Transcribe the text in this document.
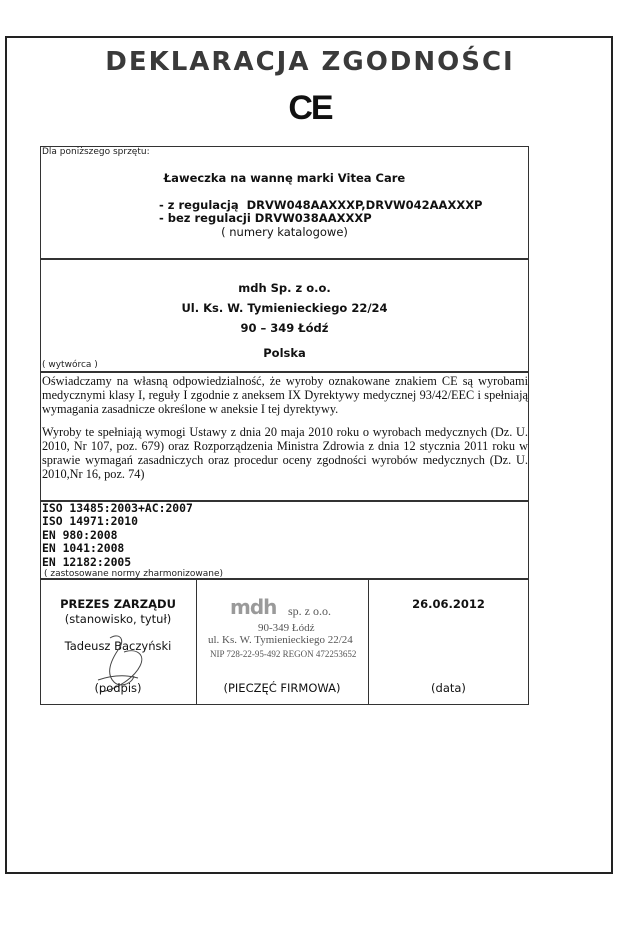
DEKLARACJA ZGODNOŚCI
CE
Dla poniższego sprzętu:
Ławeczka na wannę marki Vitea Care
- z regulacją  DRVW048AAXXXP,DRVW042AAXXXP
- bez regulacji DRVW038AAXXXP
( numery katalogowe)
mdh Sp. z o.o.
Ul. Ks. W. Tymienieckiego 22/24
90 – 349 Łódź
Polska
( wytwórca )
Oświadczamy na własną odpowiedzialność, że wyroby oznakowane znakiem CE są wyrobami medycznymi klasy I, reguły I zgodnie z aneksem IX Dyrektywy medycznej 93/42/EEC i spełniają wymagania zasadnicze określone w aneksie I tej dyrektywy.
Wyroby te spełniają wymogi Ustawy z dnia 20 maja 2010 roku o wyrobach medycznych (Dz. U. 2010, Nr 107, poz. 679) oraz Rozporządzenia Ministra Zdrowia z dnia 12 stycznia 2011 roku w sprawie wymagań zasadniczych oraz procedur oceny zgodności wyrobów medycznych (Dz. U. 2010,Nr 16, poz. 74)
ISO 13485:2003+AC:2007
ISO 14971:2010
EN 980:2008
EN 1041:2008
EN 12182:2005
( zastosowane normy zharmonizowane)
PREZES ZARZĄDU
(stanowisko, tytuł)
Tadeusz Baczyński
(podpis)
mdh sp. z o.o.
90-349 Łódź
ul. Ks. W. Tymienieckiego 22/24
NIP 728-22-95-492 REGON 472253652
(PIECZĘĆ FIRMOWA)
26.06.2012
(data)
